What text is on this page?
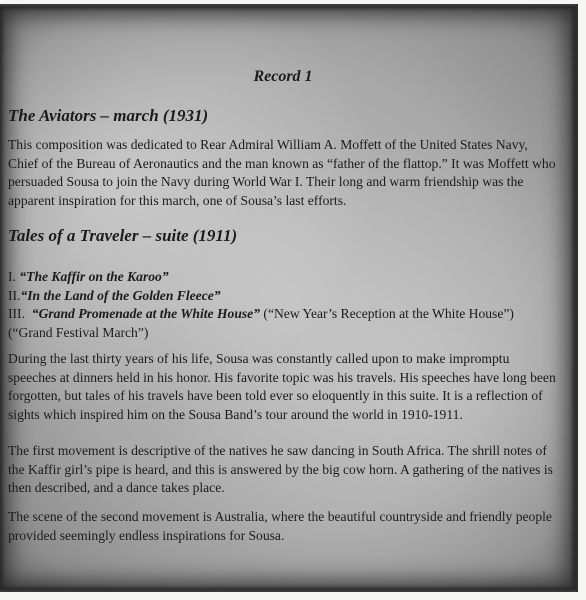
Record 1
The Aviators – march (1931)

This composition was dedicated to Rear Admiral William A. Moffett of the United States Navy, Chief of the Bureau of Aeronautics and the man known as “father of the flattop.” It was Moffett who persuaded Sousa to join the Navy during World War I. Their long and warm friendship was the apparent inspiration for this march, one of Sousa’s last efforts.

Tales of a Traveler – suite (1911)
I. “The Kaffir on the Karoo”
II.“In the Land of the Golden Fleece”
III. “Grand Promenade at the White House” (“New Year’s Reception at the White House”)
(“Grand Festival March”)

During the last thirty years of his life, Sousa was constantly called upon to make impromptu speeches at dinners held in his honor. His favorite topic was his travels. His speeches have long been forgotten, but tales of his travels have been told ever so eloquently in this suite. It is a reflection of sights which inspired him on the Sousa Band’s tour around the world in 1910-1911.

The first movement is descriptive of the natives he saw dancing in South Africa. The shrill notes of the Kaffir girl’s pipe is heard, and this is answered by the big cow horn. A gathering of the natives is then described, and a dance takes place.

The scene of the second movement is Australia, where the beautiful countryside and friendly people provided seemingly endless inspirations for Sousa.
